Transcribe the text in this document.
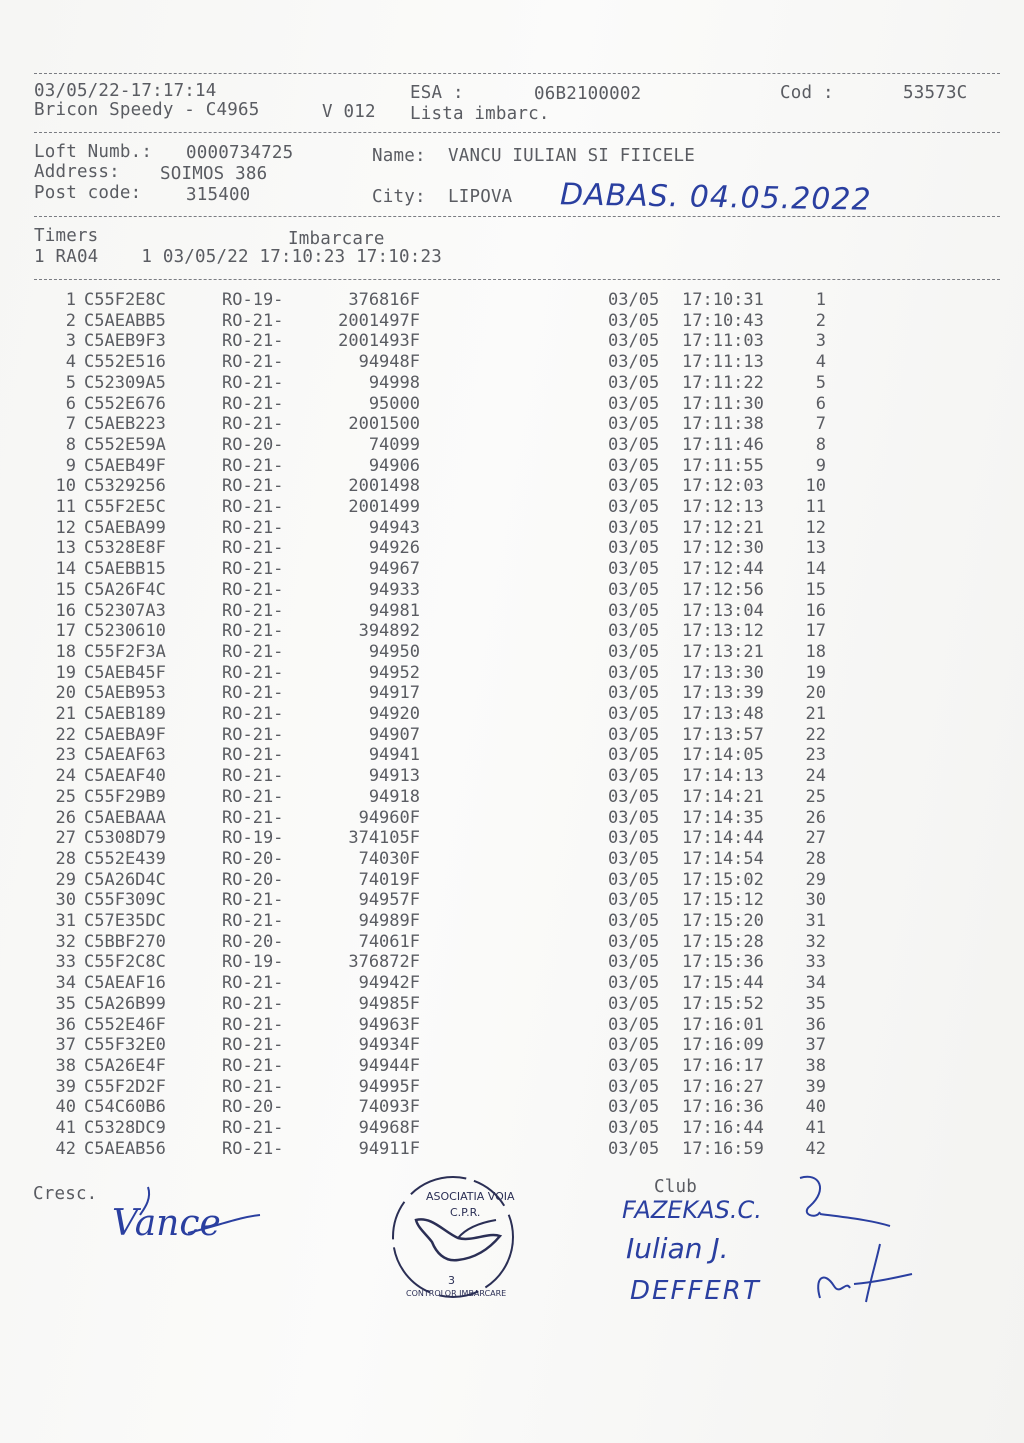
03/05/22-17:17:14	ESA :	06B2100002	Cod :	53573C
Bricon Speedy - C4965	V 012 Lista imbarc.
Loft Numb.: 0000734725	Name: VANCU IULIAN SI FIICELE
Address: SOIMOS 386
Post code:	315400	City: LIPOVA DABAS. 04.05.2022
Timers	Imbarcare
1 RA04    1 03/05/22 17:10:23 17:10:23
1 C55F2E8C	RO-19-	376816F	03/05 17:10:31	1
2 C5AEABB5	RO-21-	2001497F	03/05 17:10:43	2
3 C5AEB9F3	RO-21-	2001493F	03/05 17:11:03	3
4 C552E516	RO-21-	94948F	03/05 17:11:13	4
5 C52309A5	RO-21-	94998	03/05 17:11:22	5
6 C552E676	RO-21-	95000	03/05 17:11:30	6
7 C5AEB223	RO-21-	2001500	03/05 17:11:38	7
8 C552E59A	RO-20-	74099	03/05 17:11:46	8
9 C5AEB49F	RO-21-	94906	03/05 17:11:55	9
10 C5329256	RO-21-	2001498	03/05 17:12:03	10
11 C55F2E5C	RO-21-	2001499	03/05 17:12:13	11
12 C5AEBA99	RO-21-	94943	03/05 17:12:21	12
13 C5328E8F	RO-21-	94926	03/05 17:12:30	13
14 C5AEBB15	RO-21-	94967	03/05 17:12:44	14
15 C5A26F4C	RO-21-	94933	03/05 17:12:56	15
16 C52307A3	RO-21-	94981	03/05 17:13:04	16
17 C5230610	RO-21-	394892	03/05 17:13:12	17
18 C55F2F3A	RO-21-	94950	03/05 17:13:21	18
19 C5AEB45F	RO-21-	94952	03/05 17:13:30	19
20 C5AEB953	RO-21-	94917	03/05 17:13:39	20
21 C5AEB189	RO-21-	94920	03/05 17:13:48	21
22 C5AEBA9F	RO-21-	94907	03/05 17:13:57	22
23 C5AEAF63	RO-21-	94941	03/05 17:14:05	23
24 C5AEAF40	RO-21-	94913	03/05 17:14:13	24
25 C55F29B9	RO-21-	94918	03/05 17:14:21	25
26 C5AEBAAA	RO-21-	94960F	03/05 17:14:35	26
27 C5308D79	RO-19-	374105F	03/05 17:14:44	27
28 C552E439	RO-20-	74030F	03/05 17:14:54	28
29 C5A26D4C	RO-20-	74019F	03/05 17:15:02	29
30 C55F309C	RO-21-	94957F	03/05 17:15:12	30
31 C57E35DC	RO-21-	94989F	03/05 17:15:20	31
32 C5BBF270	RO-20-	74061F	03/05 17:15:28	32
33 C55F2C8C	RO-19-	376872F	03/05 17:15:36	33
34 C5AEAF16	RO-21-	94942F	03/05 17:15:44	34
35 C5A26B99	RO-21-	94985F	03/05 17:15:52	35
36 C552E46F	RO-21-	94963F	03/05 17:16:01	36
37 C55F32E0	RO-21-	94934F	03/05 17:16:09	37
38 C5A26E4F	RO-21-	94944F	03/05 17:16:17	38
39 C55F2D2F	RO-21-	94995F	03/05 17:16:27	39
40 C54C60B6	RO-20-	74093F	03/05 17:16:36	40
41 C5328DC9	RO-21-	94968F	03/05 17:16:44	41
42 C5AEAB56	RO-21-	94911F	03/05 17:16:59	42
Cresc.	Club
Vance
ASOCIATIA VOIA
C.P.R.
3
CONTROLOR IMBARCARE
FAZEKAS.C.
Iulian J.
DEFFERT
